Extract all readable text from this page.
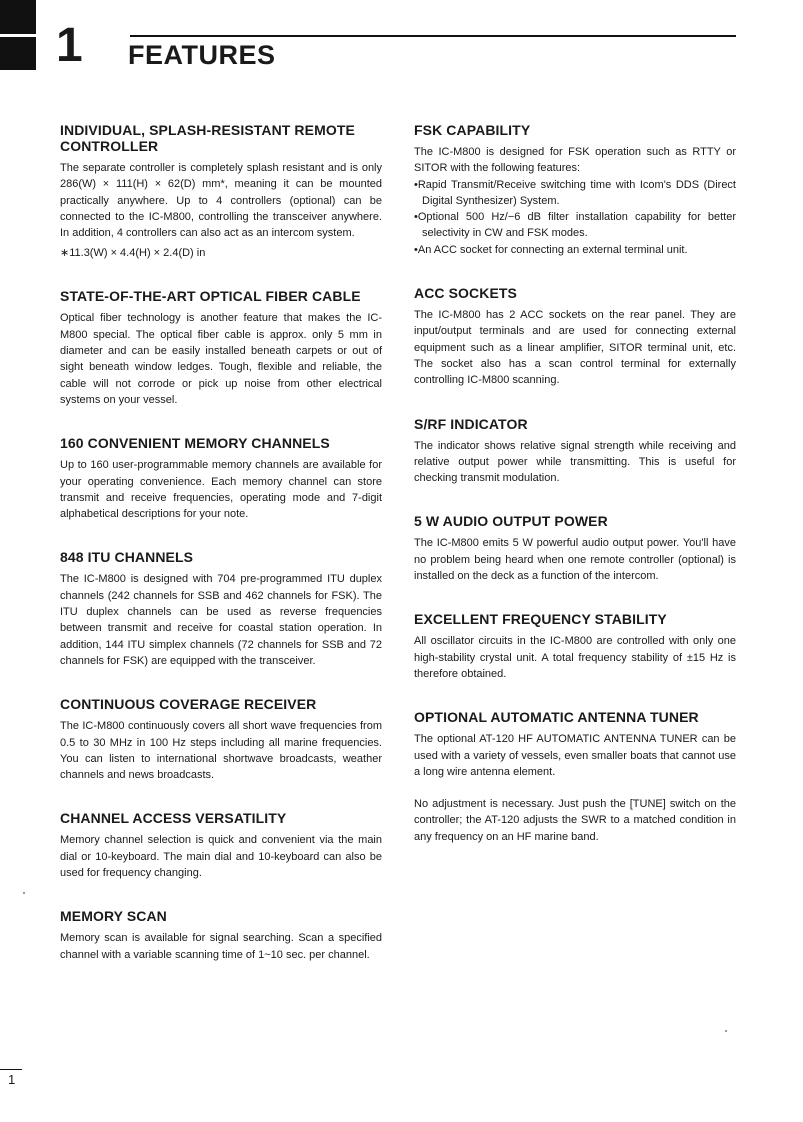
1 FEATURES
INDIVIDUAL, SPLASH-RESISTANT REMOTE CONTROLLER

The separate controller is completely splash resistant and is only 286(W) × 111(H) × 62(D) mm*, meaning it can be mounted practically anywhere. Up to 4 controllers (optional) can be connected to the IC-M800, controlling the transceiver anywhere. In addition, 4 controllers can also act as an intercom system.

∗11.3(W) × 4.4(H) × 2.4(D) in
STATE-OF-THE-ART OPTICAL FIBER CABLE

Optical fiber technology is another feature that makes the IC-M800 special. The optical fiber cable is approx. only 5 mm in diameter and can be easily installed beneath carpets or out of sight beneath window ledges. Tough, flexible and reliable, the cable will not corrode or pick up noise from other electrical systems on your vessel.

160 CONVENIENT MEMORY CHANNELS

Up to 160 user-programmable memory channels are available for your operating convenience. Each memory channel can store transmit and receive frequencies, operating mode and 7-digit alphabetical descriptions for your note.

848 ITU CHANNELS

The IC-M800 is designed with 704 pre-programmed ITU duplex channels (242 channels for SSB and 462 channels for FSK). The ITU duplex channels can be used as reverse frequencies between transmit and receive for coastal station operation. In addition, 144 ITU simplex channels (72 channels for SSB and 72 channels for FSK) are equipped with the transceiver.

CONTINUOUS COVERAGE RECEIVER

The IC-M800 continuously covers all short wave frequencies from 0.5 to 30 MHz in 100 Hz steps including all marine frequencies. You can listen to international shortwave broadcasts, weather channels and news broadcasts.

CHANNEL ACCESS VERSATILITY

Memory channel selection is quick and convenient via the main dial or 10-keyboard. The main dial and 10-keyboard can also be used for frequency changing.

MEMORY SCAN

Memory scan is available for signal searching. Scan a specified channel with a variable scanning time of 1~10 sec. per channel.

FSK CAPABILITY

The IC-M800 is designed for FSK operation such as RTTY or SITOR with the following features:

• Rapid Transmit/Receive switching time with Icom's DDS (Direct Digital Synthesizer) System.
• Optional 500 Hz/−6 dB filter installation capability for better selectivity in CW and FSK modes.
• An ACC socket for connecting an external terminal unit.
ACC SOCKETS

The IC-M800 has 2 ACC sockets on the rear panel. They are input/output terminals and are used for connecting external equipment such as a linear amplifier, SITOR terminal unit, etc. The socket also has a scan control terminal for externally controlling IC-M800 scanning.

S/RF INDICATOR

The indicator shows relative signal strength while receiving and relative output power while transmitting. This is useful for checking transmit modulation.

5 W AUDIO OUTPUT POWER

The IC-M800 emits 5 W powerful audio output power. You'll have no problem being heard when one remote controller (optional) is installed on the deck as a function of the intercom.

EXCELLENT FREQUENCY STABILITY

All oscillator circuits in the IC-M800 are controlled with only one high-stability crystal unit. A total frequency stability of ±15 Hz is therefore obtained.

OPTIONAL AUTOMATIC ANTENNA TUNER

The optional AT-120 HF AUTOMATIC ANTENNA TUNER can be used with a variety of vessels, even smaller boats that cannot use a long wire antenna element.

No adjustment is necessary. Just push the [TUNE] switch on the controller; the AT-120 adjusts the SWR to a matched condition in any frequency on an HF marine band.

1
